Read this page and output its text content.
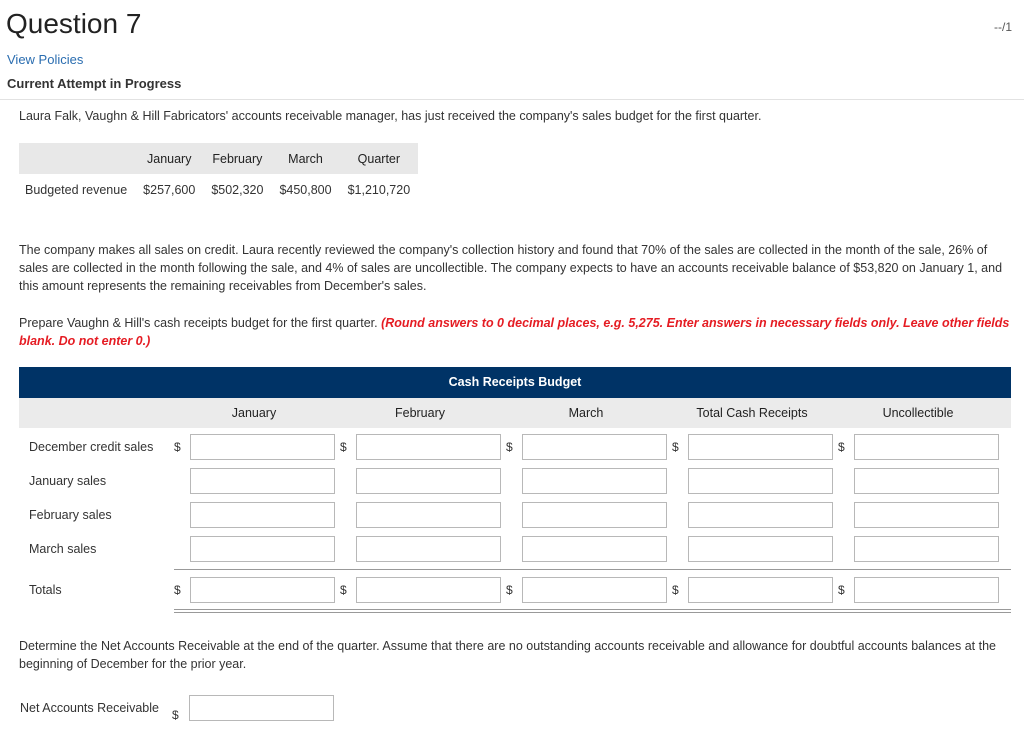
Question 7	--/1
View Policies
Current Attempt in Progress
Laura Falk, Vaughn & Hill Fabricators' accounts receivable manager, has just received the company's sales budget for the first quarter.
	January	February	March	Quarter
Budgeted revenue	$257,600	$502,320	$450,800	$1,210,720
The company makes all sales on credit. Laura recently reviewed the company's collection history and found that 70% of the sales are collected in the month of the sale, 26% of sales are collected in the month following the sale, and 4% of sales are uncollectible. The company expects to have an accounts receivable balance of $53,820 on January 1, and this amount represents the remaining receivables from December's sales.
Prepare Vaughn & Hill's cash receipts budget for the first quarter. (Round answers to 0 decimal places, e.g. 5,275. Enter answers in necessary fields only. Leave other fields blank. Do not enter 0.)
Cash Receipts Budget
January	February	March	Total Cash Receipts	Uncollectible
December credit sales	$	$	$	$	$
January sales
February sales
March sales
Totals	$	$	$	$	$
Determine the Net Accounts Receivable at the end of the quarter. Assume that there are no outstanding accounts receivable and allowance for doubtful accounts balances at the beginning of December for the prior year.
Net Accounts Receivable	$
